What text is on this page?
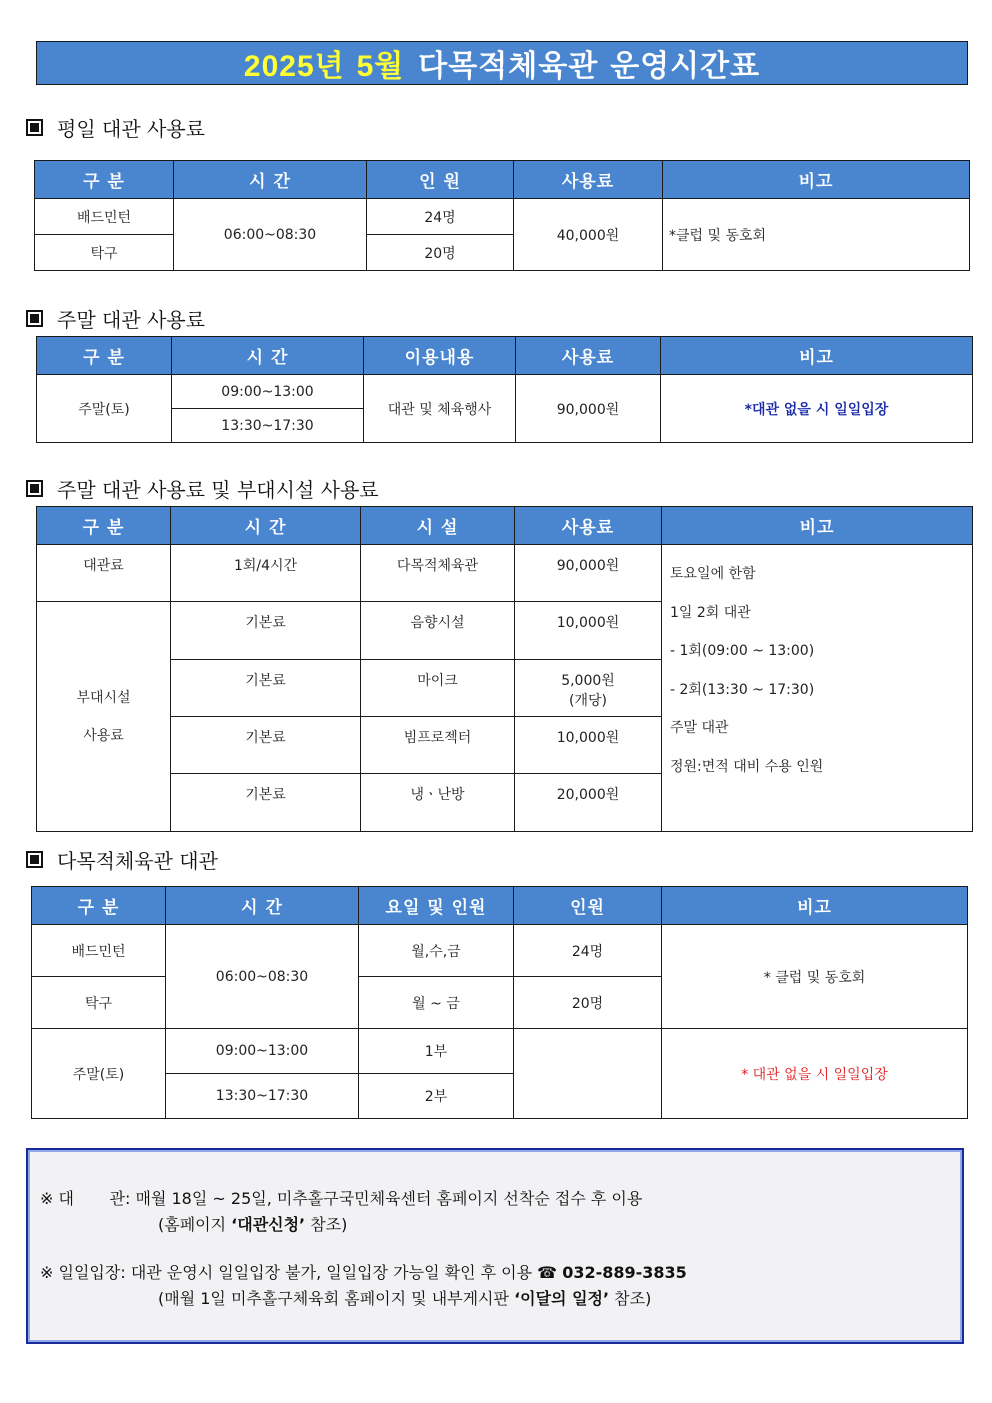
2025년 5월 다목적체육관 운영시간표
평일 대관 사용료
구 분	시 간	인 원	사용료	비고
배드민턴	06:00~08:30	24명	40,000원	*클럽 및 동호회
탁구		20명		
주말 대관 사용료
구 분	시 간	이용내용	사용료	비고
주말(토)	09:00~13:00	대관 및 체육행사	90,000원	*대관 없을 시 일일입장
	13:30~17:30			
주말 대관 사용료 및 부대시설 사용료
구 분	시 간	시 설	사용료	비고
대관료	1회/4시간	다목적체육관	90,000원	토요일에 한함
1일 2회 대관
- 1회(09:00 ~ 13:00)
- 2회(13:30 ~ 17:30)
주말 대관
정원:면적 대비 수용 인원

부대시설
사용료	기본료	음향시설	10,000원	
	기본료	마이크	5,000원
(개당)	

	기본료	빔프로젝터	10,000원	
	기본료	냉ㆍ난방	20,000원	
다목적체육관 대관
구 분	시 간	요일 및 인원	인원	비고
배드민턴	06:00~08:30	월,수,금	24명	* 클럽 및 동호회
탁구		월 ~ 금	20명	
주말(토)	09:00~13:00	1부		* 대관 없을 시 일일입장
	13:30~17:30	2부		
※ 대       관: 매월 18일 ~ 25일, 미추홀구국민체육센터 홈페이지 선착순 접수 후 이용
(홈페이지 ‘대관신청’ 참조)
※ 일일입장: 대관 운영시 일일입장 불가, 일일입장 가능일 확인 후 이용 ☎ 032-889-3835
(매월 1일 미추홀구체육회 홈페이지 및 내부게시판 ‘이달의 일정’ 참조)
